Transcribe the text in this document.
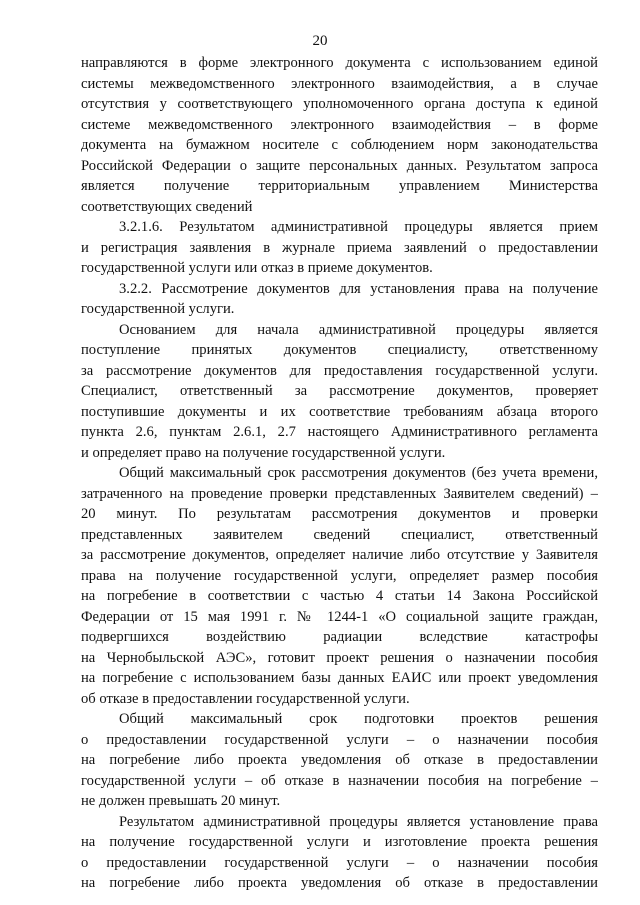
20
направляются в форме электронного документа с использованием единой
системы межведомственного электронного взаимодействия, а в случае
отсутствия у соответствующего уполномоченного органа доступа к единой
системе межведомственного электронного взаимодействия – в форме
документа на бумажном носителе с соблюдением норм законодательства
Российской Федерации о защите персональных данных. Результатом запроса
является получение территориальным управлением Министерства
соответствующих сведений
3.2.1.6. Результатом административной процедуры является прием
и регистрация заявления в журнале приема заявлений о предоставлении
государственной услуги или отказ в приеме документов.
3.2.2. Рассмотрение документов для установления права на получение
государственной услуги.
Основанием для начала административной процедуры является
поступление принятых документов специалисту, ответственному
за рассмотрение документов для предоставления государственной услуги.
Специалист, ответственный за рассмотрение документов, проверяет
поступившие документы и их соответствие требованиям абзаца второго
пункта 2.6, пунктам 2.6.1, 2.7 настоящего Административного регламента
и определяет право на получение государственной услуги.
Общий максимальный срок рассмотрения документов (без учета времени,
затраченного на проведение проверки представленных Заявителем сведений) –
20 минут. По результатам рассмотрения документов и проверки
представленных заявителем сведений специалист, ответственный
за рассмотрение документов, определяет наличие либо отсутствие у Заявителя
права на получение государственной услуги, определяет размер пособия
на погребение в соответствии с частью 4 статьи 14 Закона Российской
Федерации от 15 мая 1991 г. № 1244-1 «О социальной защите граждан,
подвергшихся воздействию радиации вследствие катастрофы
на Чернобыльской АЭС», готовит проект решения о назначении пособия
на погребение с использованием базы данных ЕАИС или проект уведомления
об отказе в предоставлении государственной услуги.
Общий максимальный срок подготовки проектов решения
о предоставлении государственной услуги – о назначении пособия
на погребение либо проекта уведомления об отказе в предоставлении
государственной услуги – об отказе в назначении пособия на погребение –
не должен превышать 20 минут.
Результатом административной процедуры является установление права
на получение государственной услуги и изготовление проекта решения
о предоставлении государственной услуги – о назначении пособия
на погребение либо проекта уведомления об отказе в предоставлении
